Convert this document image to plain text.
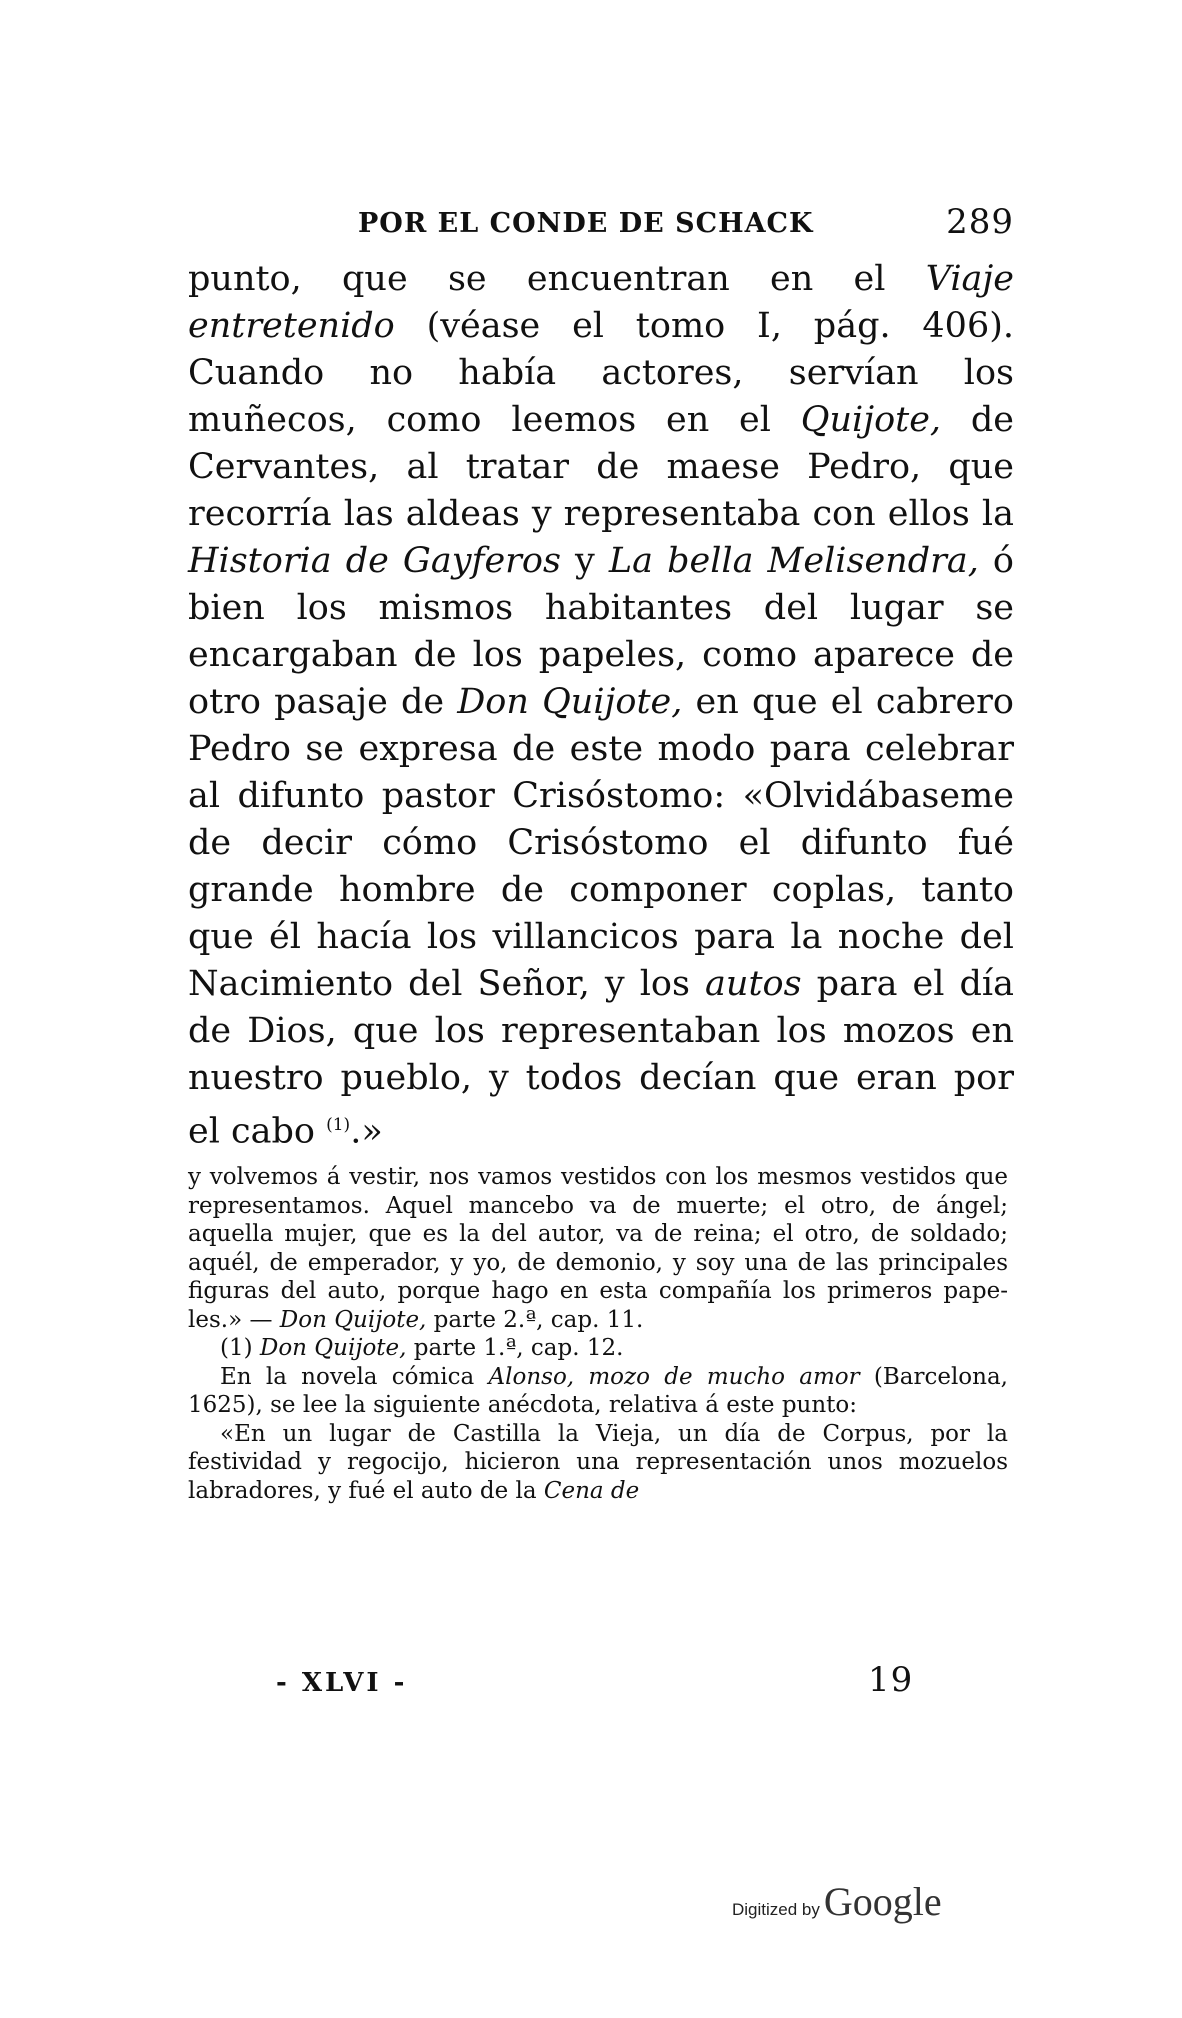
POR EL CONDE DE SCHACK	289

punto, que se encuentran en el Viaje entretenido (véase el tomo I, pág. 406). Cuando no había actores, servían los muñecos, como leemos en el Quijote, de Cervantes, al tratar de maese Pedro, que recorría las aldeas y representaba con ellos la Historia de Gayferos y La bella Melisendra, ó bien los mismos habitantes del lugar se encargaban de los papeles, como aparece de otro pasaje de Don Quijote, en que el cabrero Pedro se expresa de este modo para celebrar al difunto pastor Crisóstomo: «Olvidábaseme de decir cómo Crisóstomo el difunto fué grande hombre de componer coplas, tanto que él hacía los villancicos para la noche del Nacimiento del Señor, y los autos para el día de Dios, que los representaban los mozos en nuestro pueblo, y todos decían que eran por el cabo $^{(1)}$.»

y volvemos á vestir, nos vamos vestidos con los mesmos vestidos que representamos. Aquel mancebo va de muerte; el otro, de ángel; aquella mujer, que es la del autor, va de reina; el otro, de soldado; aquél, de emperador, y yo, de demonio, y soy una de las principales figuras del auto, porque hago en esta compañía los primeros papeles.» — Don Quijote, parte 2.ª, cap. 11.

(1) Don Quijote, parte 1.ª, cap. 12.

En la novela cómica Alonso, mozo de mucho amor (Barcelona, 1625), se lee la siguiente anécdota, relativa á este punto:

«En un lugar de Castilla la Vieja, un día de Corpus, por la festividad y regocijo, hicieron una representación unos mozuelos labradores, y fué el auto de la Cena de

- XLVI -	19
Digitized by Google
